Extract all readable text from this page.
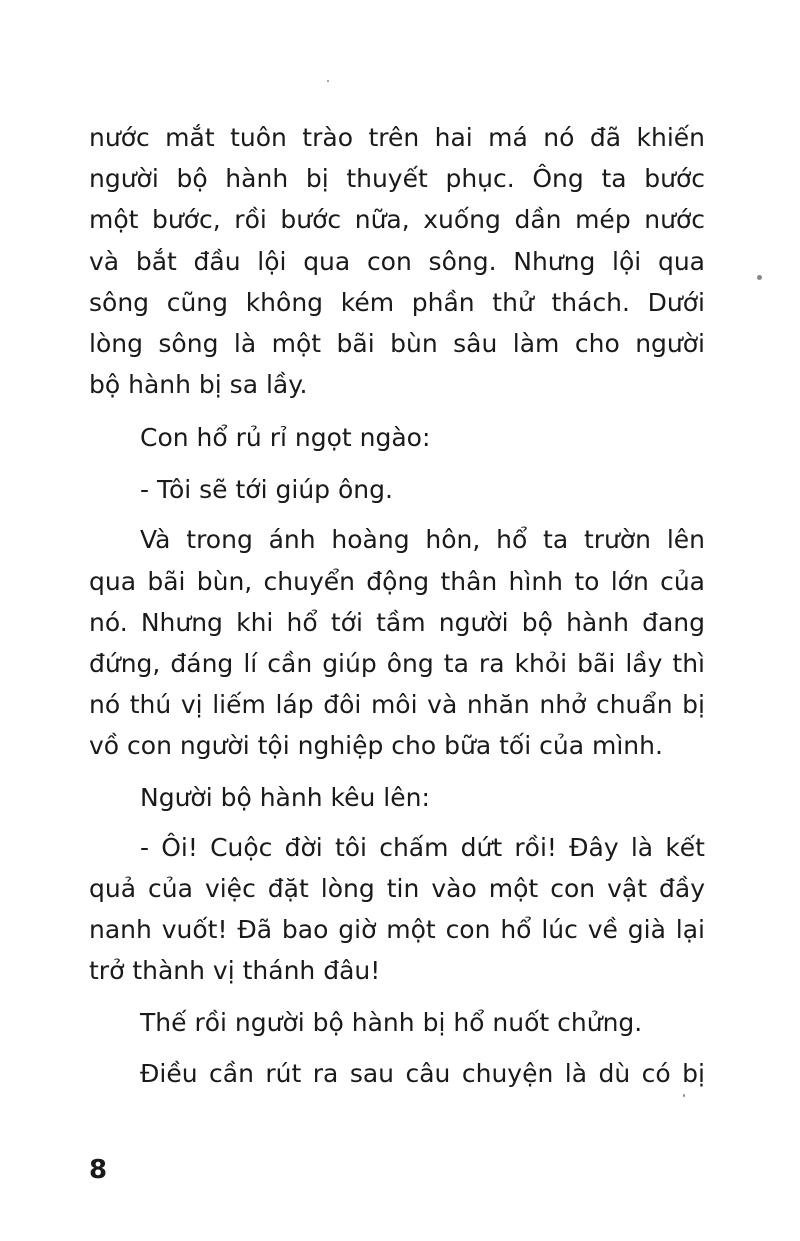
nước mắt tuôn trào trên hai má nó đã khiến
người bộ hành bị thuyết phục. Ông ta bước
một bước, rồi bước nữa, xuống dần mép nước
và bắt đầu lội qua con sông. Nhưng lội qua
sông cũng không kém phần thử thách. Dưới
lòng sông là một bãi bùn sâu làm cho người
bộ hành bị sa lầy.
Con hổ rủ rỉ ngọt ngào:
- Tôi sẽ tới giúp ông.
Và trong ánh hoàng hôn, hổ ta trườn lên
qua bãi bùn, chuyển động thân hình to lớn của
nó. Nhưng khi hổ tới tầm người bộ hành đang
đứng, đáng lí cần giúp ông ta ra khỏi bãi lầy thì
nó thú vị liếm láp đôi môi và nhăn nhở chuẩn bị
vồ con người tội nghiệp cho bữa tối của mình.
Người bộ hành kêu lên:
- Ôi! Cuộc đời tôi chấm dứt rồi! Đây là kết
quả của việc đặt lòng tin vào một con vật đầy
nanh vuốt! Đã bao giờ một con hổ lúc về già lại
trở thành vị thánh đâu!
Thế rồi người bộ hành bị hổ nuốt chửng.
Điều cần rút ra sau câu chuyện là dù có bị
8
